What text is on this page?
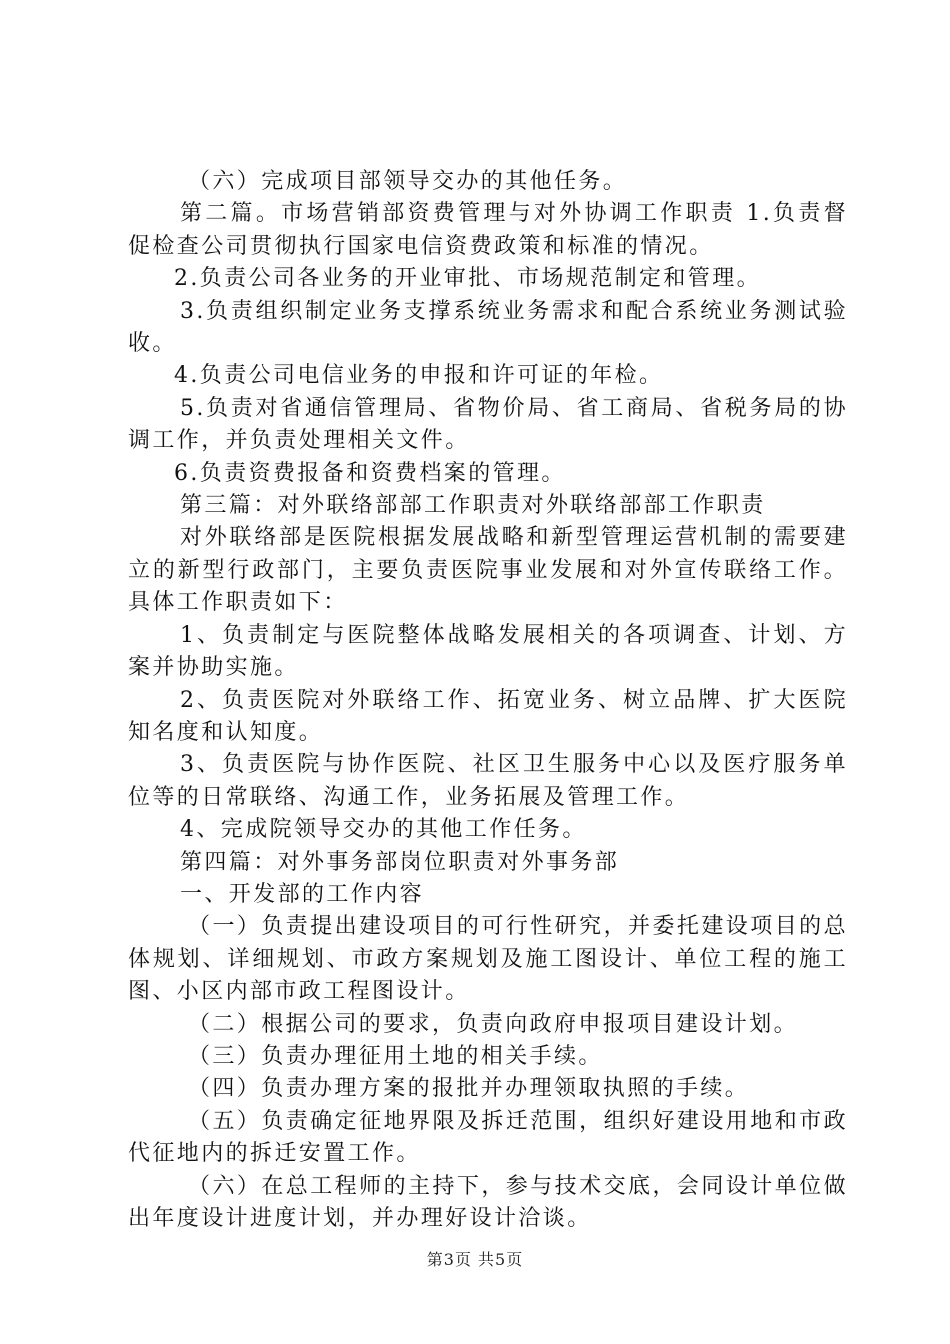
（六）完成项目部领导交办的其他任务。

第二篇。市场营销部资费管理与对外协调工作职责 1.负责督促检查公司贯彻执行国家电信资费政策和标准的情况。

2.负责公司各业务的开业审批、市场规范制定和管理。

3.负责组织制定业务支撑系统业务需求和配合系统业务测试验收。

4.负责公司电信业务的申报和许可证的年检。

5.负责对省通信管理局、省物价局、省工商局、省税务局的协调工作，并负责处理相关文件。

6.负责资费报备和资费档案的管理。

第三篇：对外联络部部工作职责对外联络部部工作职责

对外联络部是医院根据发展战略和新型管理运营机制的需要建立的新型行政部门，主要负责医院事业发展和对外宣传联络工作。具体工作职责如下：

1、负责制定与医院整体战略发展相关的各项调查、计划、方案并协助实施。

2、负责医院对外联络工作、拓宽业务、树立品牌、扩大医院知名度和认知度。

3、负责医院与协作医院、社区卫生服务中心以及医疗服务单位等的日常联络、沟通工作，业务拓展及管理工作。

4、完成院领导交办的其他工作任务。

第四篇：对外事务部岗位职责对外事务部

一、开发部的工作内容

（一）负责提出建设项目的可行性研究，并委托建设项目的总体规划、详细规划、市政方案规划及施工图设计、单位工程的施工图、小区内部市政工程图设计。

（二）根据公司的要求，负责向政府申报项目建设计划。

（三）负责办理征用土地的相关手续。

（四）负责办理方案的报批并办理领取执照的手续。

（五）负责确定征地界限及拆迁范围，组织好建设用地和市政代征地内的拆迁安置工作。

（六）在总工程师的主持下，参与技术交底，会同设计单位做出年度设计进度计划，并办理好设计洽谈。

第3页 共5页
